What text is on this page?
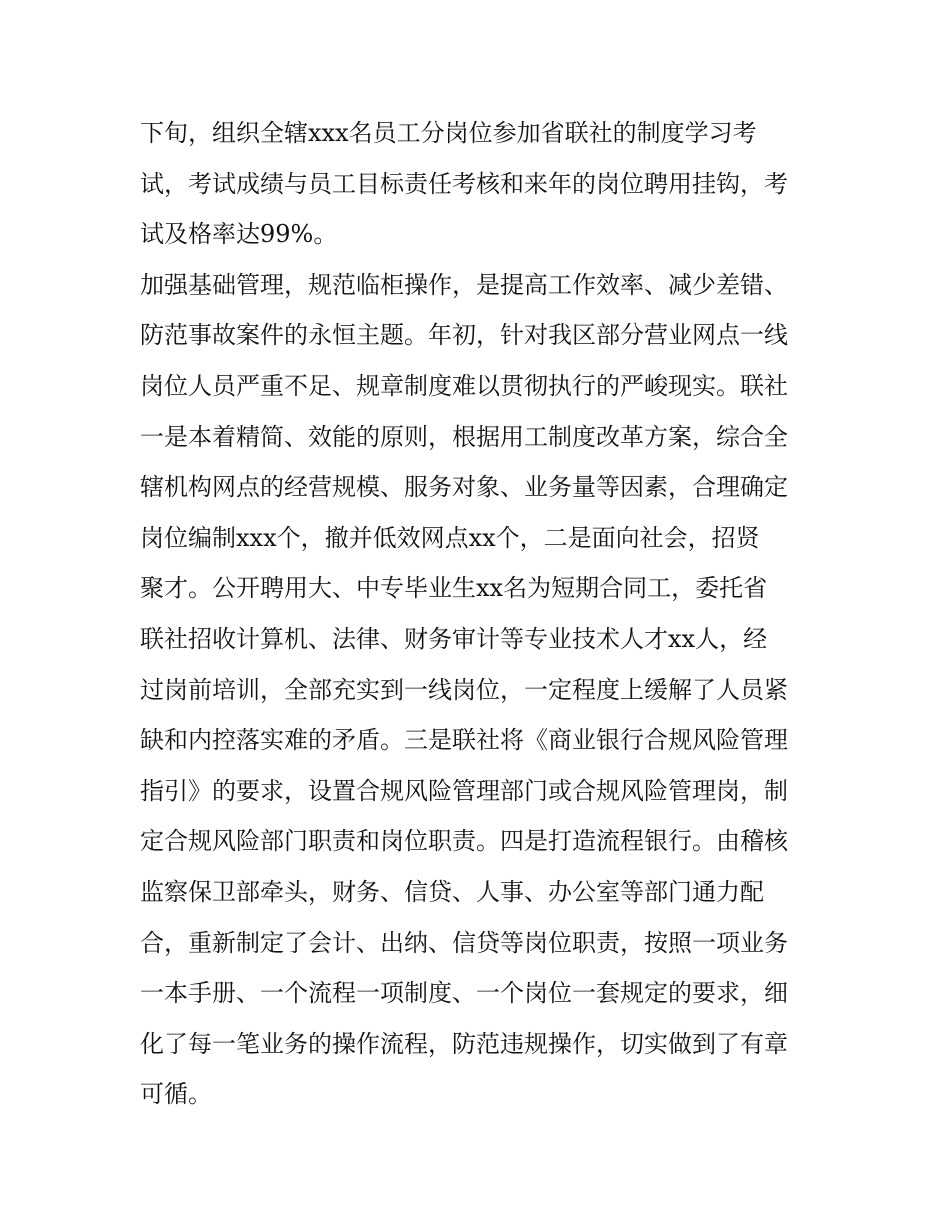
下旬，组织全辖xxx名员工分岗位参加省联社的制度学习考
试，考试成绩与员工目标责任考核和来年的岗位聘用挂钩，考
试及格率达99%。
加强基础管理，规范临柜操作，是提高工作效率、减少差错、
防范事故案件的永恒主题。年初，针对我区部分营业网点一线
岗位人员严重不足、规章制度难以贯彻执行的严峻现实。联社
一是本着精简、效能的原则，根据用工制度改革方案，综合全
辖机构网点的经营规模、服务对象、业务量等因素，合理确定
岗位编制xxx个，撤并低效网点xx个，二是面向社会，招贤
聚才。公开聘用大、中专毕业生xx名为短期合同工，委托省
联社招收计算机、法律、财务审计等专业技术人才xx人，经
过岗前培训，全部充实到一线岗位，一定程度上缓解了人员紧
缺和内控落实难的矛盾。三是联社将《商业银行合规风险管理
指引》的要求，设置合规风险管理部门或合规风险管理岗，制
定合规风险部门职责和岗位职责。四是打造流程银行。由稽核
监察保卫部牵头，财务、信贷、人事、办公室等部门通力配
合，重新制定了会计、出纳、信贷等岗位职责，按照一项业务
一本手册、一个流程一项制度、一个岗位一套规定的要求，细
化了每一笔业务的操作流程，防范违规操作，切实做到了有章
可循。
